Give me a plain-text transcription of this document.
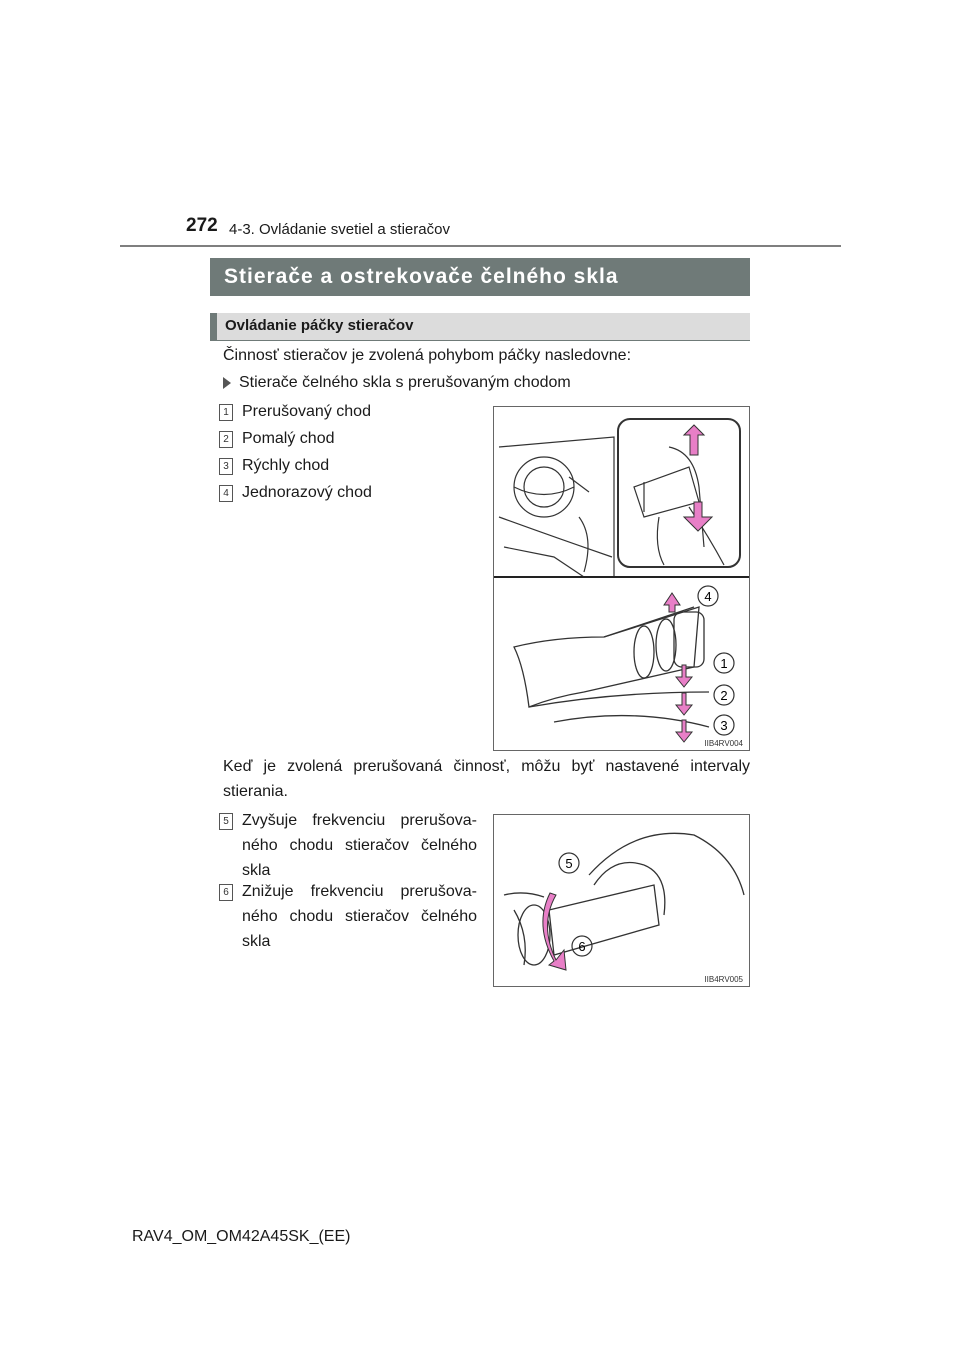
272 4-3. Ovládanie svetiel a stieračov
Stierače a ostrekovače čelného skla
Ovládanie páčky stieračov
Činnosť stieračov je zvolená pohybom páčky nasledovne:
Stierače čelného skla s prerušovaným chodom
1 Prerušovaný chod
2 Pomalý chod
3 Rýchly chod
4 Jednorazový chod
4
1
2
3
IIB4RV004
Keď je zvolená prerušovaná činnosť, môžu byť nastavené intervaly stierania.
5 Zvyšuje frekvenciu prerušova-ného chodu stieračov čelného skla
6 Znižuje frekvenciu prerušova-ného chodu stieračov čelného skla
5
6
IIB4RV005
RAV4_OM_OM42A45SK_(EE)
